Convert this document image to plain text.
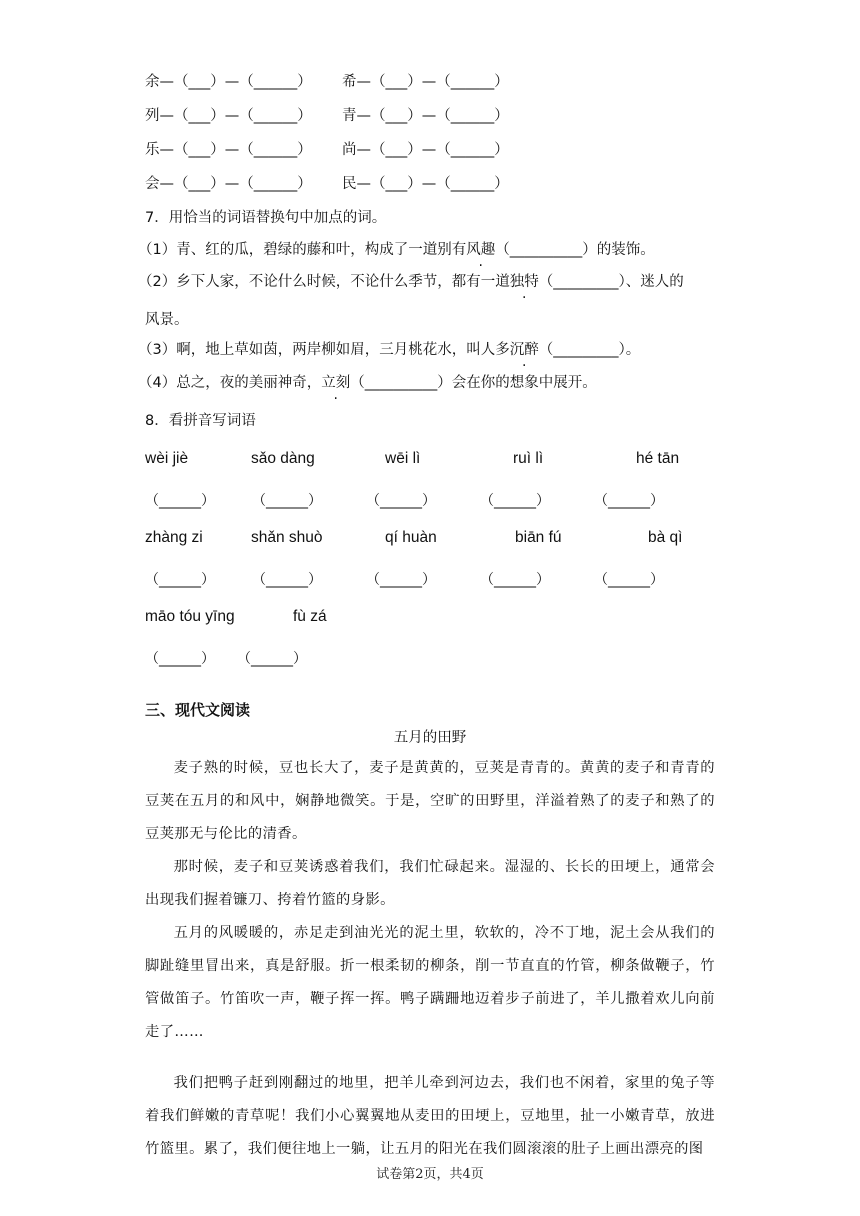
余—（___）—（______） 希—（___）—（______）
列—（___）—（______） 青—（___）—（______）
乐—（___）—（______） 尚—（___）—（______）
会—（___）—（______） 民—（___）—（______）
7．用恰当的词语替换句中加点的词。
（1）青、红的瓜，碧绿的藤和叶，构成了一道别有风趣（__________）的装饰。
（2）乡下人家，不论什么时候，不论什么季节，都有一道独特（_________）、迷人的
风景。
（3）啊，地上草如茵，两岸柳如眉，三月桃花水，叫人多沉醉（_________）。
（4）总之，夜的美丽神奇，立刻（__________）会在你的想象中展开。
8．看拼音写词语
wèi jiè	sǎo dàng	wēi lì	ruì lì	hé tān
（______）	（______）	（______）	（______）	（______）
zhàng zi	shǎn shuò	qí huàn	biān fú	bà qì
（______）	（______）	（______）	（______）	（______）
māo tóu yīng	fù zá
（______） （______）
三、现代文阅读
五月的田野

麦子熟的时候，豆也长大了，麦子是黄黄的，豆荚是青青的。黄黄的麦子和青青的豆荚在五月的和风中，娴静地微笑。于是，空旷的田野里，洋溢着熟了的麦子和熟了的豆荚那无与伦比的清香。

那时候，麦子和豆荚诱惑着我们，我们忙碌起来。湿湿的、长长的田埂上，通常会出现我们握着镰刀、挎着竹篮的身影。

五月的风暖暖的，赤足走到油光光的泥土里，软软的，冷不丁地，泥土会从我们的脚趾缝里冒出来，真是舒服。折一根柔韧的柳条，削一节直直的竹管，柳条做鞭子，竹管做笛子。竹笛吹一声，鞭子挥一挥。鸭子蹒跚地迈着步子前进了，羊儿撒着欢儿向前走了……

我们把鸭子赶到刚翻过的地里，把羊儿牵到河边去，我们也不闲着，家里的兔子等着我们鲜嫩的青草呢！我们小心翼翼地从麦田的田埂上，豆地里，扯一小嫩青草，放进竹篮里。累了，我们便往地上一躺，让五月的阳光在我们圆滚滚的肚子上画出漂亮的图

试卷第2页，共4页
